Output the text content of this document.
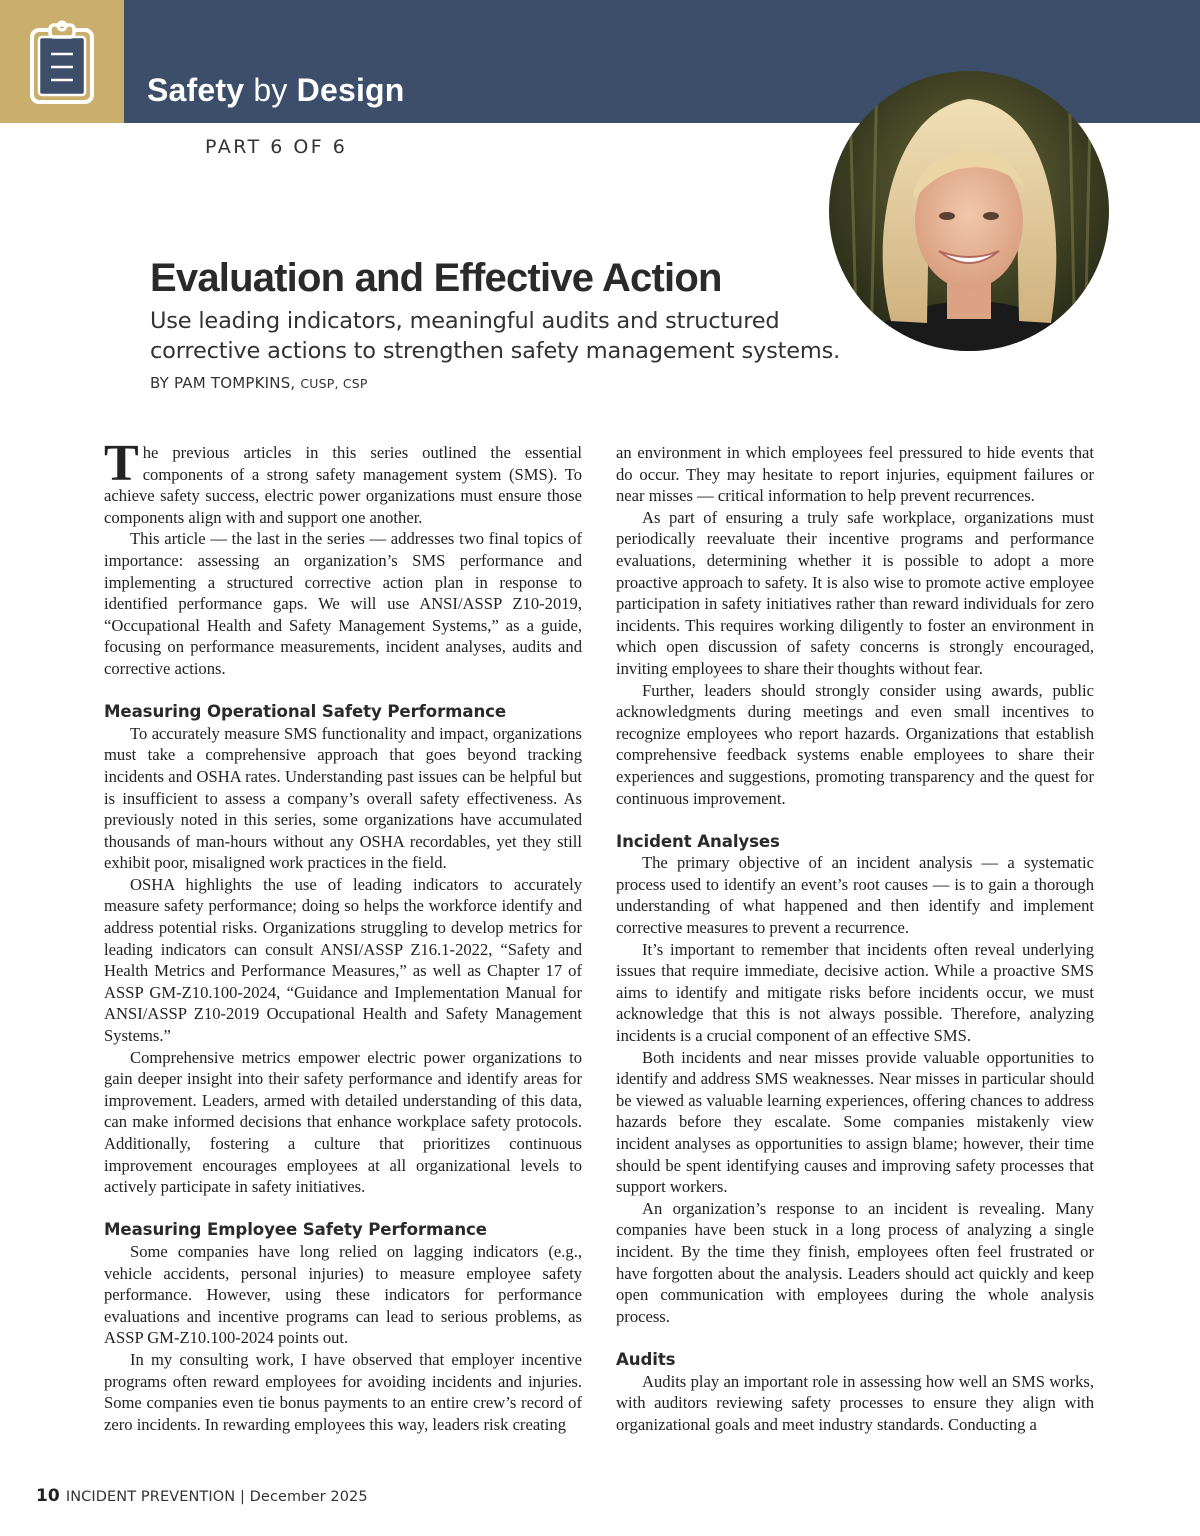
Safety by Design
PART 6 OF 6
Evaluation and Effective Action
Use leading indicators, meaningful audits and structured corrective actions to strengthen safety management systems.
BY PAM TOMPKINS, CUSP, CSP

The previous articles in this series outlined the essential components of a strong safety management system (SMS). To achieve safety success, electric power organizations must ensure those components align with and support one another.

This article — the last in the series — addresses two final topics of importance: assessing an organization’s SMS performance and implementing a structured corrective action plan in response to identified performance gaps. We will use ANSI/ASSP Z10-2019, “Occupational Health and Safety Management Systems,” as a guide, focusing on performance measurements, incident analyses, audits and corrective actions.

Measuring Operational Safety Performance

To accurately measure SMS functionality and impact, organizations must take a comprehensive approach that goes beyond tracking incidents and OSHA rates. Understanding past issues can be helpful but is insufficient to assess a company’s overall safety effectiveness. As previously noted in this series, some organizations have accumulated thousands of man-hours without any OSHA recordables, yet they still exhibit poor, misaligned work practices in the field.

OSHA highlights the use of leading indicators to accurately measure safety performance; doing so helps the workforce identify and address potential risks. Organizations struggling to develop metrics for leading indicators can consult ANSI/ASSP Z16.1-2022, “Safety and Health Metrics and Performance Measures,” as well as Chapter 17 of ASSP GM-Z10.100-2024, “Guidance and Implementation Manual for ANSI/ASSP Z10-2019 Occupational Health and Safety Management Systems.”

Comprehensive metrics empower electric power organizations to gain deeper insight into their safety performance and identify areas for improvement. Leaders, armed with detailed understanding of this data, can make informed decisions that enhance workplace safety protocols. Additionally, fostering a culture that prioritizes continuous improvement encourages employees at all organizational levels to actively participate in safety initiatives.

Measuring Employee Safety Performance

Some companies have long relied on lagging indicators (e.g., vehicle accidents, personal injuries) to measure employee safety performance. However, using these indicators for performance evaluations and incentive programs can lead to serious problems, as ASSP GM-Z10.100-2024 points out.

In my consulting work, I have observed that employer incentive programs often reward employees for avoiding incidents and injuries. Some companies even tie bonus payments to an entire crew’s record of zero incidents. In rewarding employees this way, leaders risk creating

an environment in which employees feel pressured to hide events that do occur. They may hesitate to report injuries, equipment failures or near misses — critical information to help prevent recurrences.

As part of ensuring a truly safe workplace, organizations must periodically reevaluate their incentive programs and performance evaluations, determining whether it is possible to adopt a more proactive approach to safety. It is also wise to promote active employee participation in safety initiatives rather than reward individuals for zero incidents. This requires working diligently to foster an environment in which open discussion of safety concerns is strongly encouraged, inviting employees to share their thoughts without fear.

Further, leaders should strongly consider using awards, public acknowledgments during meetings and even small incentives to recognize employees who report hazards. Organizations that establish comprehensive feedback systems enable employees to share their experiences and suggestions, promoting transparency and the quest for continuous improvement.

Incident Analyses

The primary objective of an incident analysis — a systematic process used to identify an event’s root causes — is to gain a thorough understanding of what happened and then identify and implement corrective measures to prevent a recurrence.

It’s important to remember that incidents often reveal underlying issues that require immediate, decisive action. While a proactive SMS aims to identify and mitigate risks before incidents occur, we must acknowledge that this is not always possible. Therefore, analyzing incidents is a crucial component of an effective SMS.

Both incidents and near misses provide valuable opportunities to identify and address SMS weaknesses. Near misses in particular should be viewed as valuable learning experiences, offering chances to address hazards before they escalate. Some companies mistakenly view incident analyses as opportunities to assign blame; however, their time should be spent identifying causes and improving safety processes that support workers.

An organization’s response to an incident is revealing. Many companies have been stuck in a long process of analyzing a single incident. By the time they finish, employees often feel frustrated or have forgotten about the analysis. Leaders should act quickly and keep open communication with employees during the whole analysis process.

Audits

Audits play an important role in assessing how well an SMS works, with auditors reviewing safety processes to ensure they align with organizational goals and meet industry standards. Conducting a

10 INCIDENT PREVENTION | December 2025
